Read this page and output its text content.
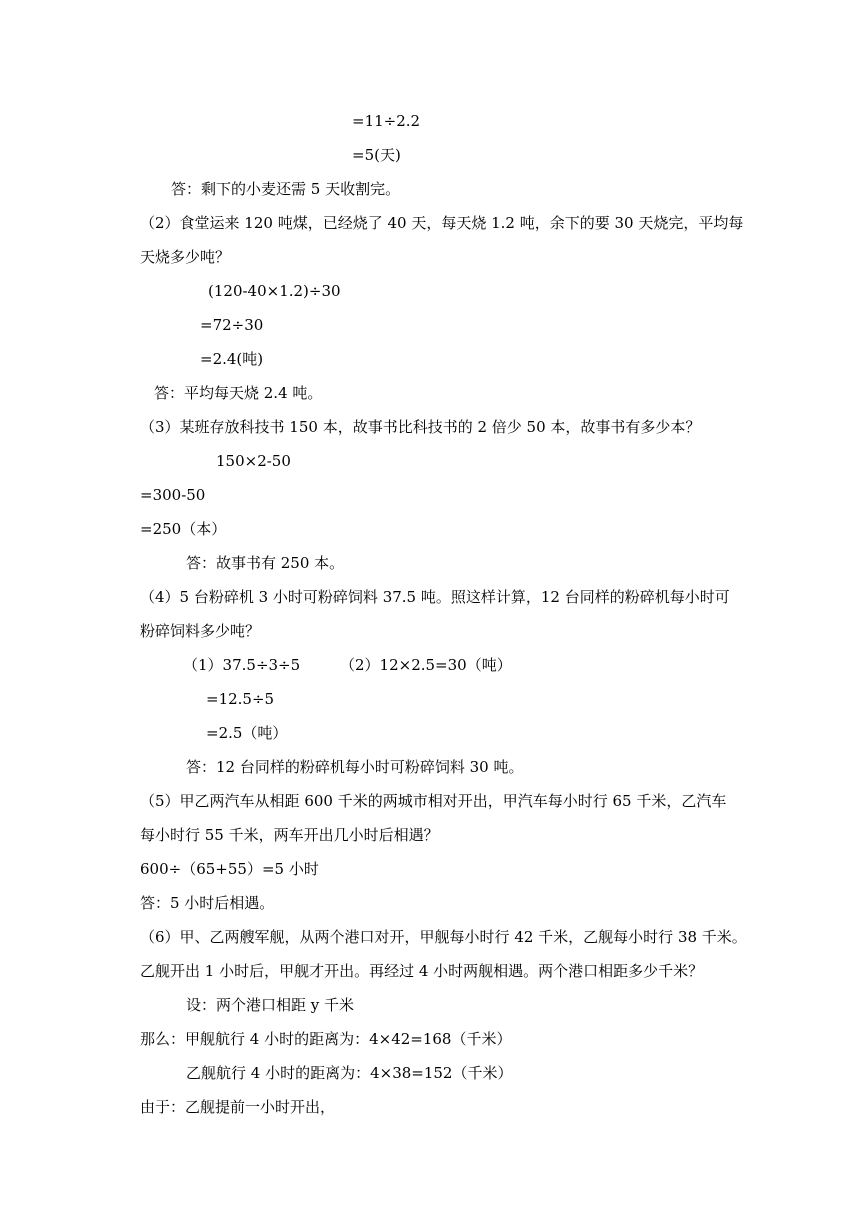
=11÷2.2
=5(天)
答：剩下的小麦还需 5 天收割完。
（2）食堂运来 120 吨煤，已经烧了 40 天，每天烧 1.2 吨，余下的要 30 天烧完，平均每
天烧多少吨？
(120-40×1.2)÷30
=72÷30
=2.4(吨)
答：平均每天烧 2.4 吨。
（3）某班存放科技书 150 本，故事书比科技书的 2 倍少 50 本，故事书有多少本？
150×2-50
=300-50
=250（本）
答：故事书有 250 本。
（4）5 台粉碎机 3 小时可粉碎饲料 37.5 吨。照这样计算，12 台同样的粉碎机每小时可
粉碎饲料多少吨？
（1）37.5÷3÷5	（2）12×2.5=30（吨）
=12.5÷5
=2.5（吨）
答：12 台同样的粉碎机每小时可粉碎饲料 30 吨。
（5）甲乙两汽车从相距 600 千米的两城市相对开出，甲汽车每小时行 65 千米，乙汽车
每小时行 55 千米，两车开出几小时后相遇？
600÷（65+55）=5 小时
答：5 小时后相遇。
（6）甲、乙两艘军舰，从两个港口对开，甲舰每小时行 42 千米，乙舰每小时行 38 千米。
乙舰开出 1 小时后，甲舰才开出。再经过 4 小时两舰相遇。两个港口相距多少千米？
设：两个港口相距 y 千米
那么：甲舰航行 4 小时的距离为：4×42=168（千米）
乙舰航行 4 小时的距离为：4×38=152（千米）
由于：乙舰提前一小时开出，
